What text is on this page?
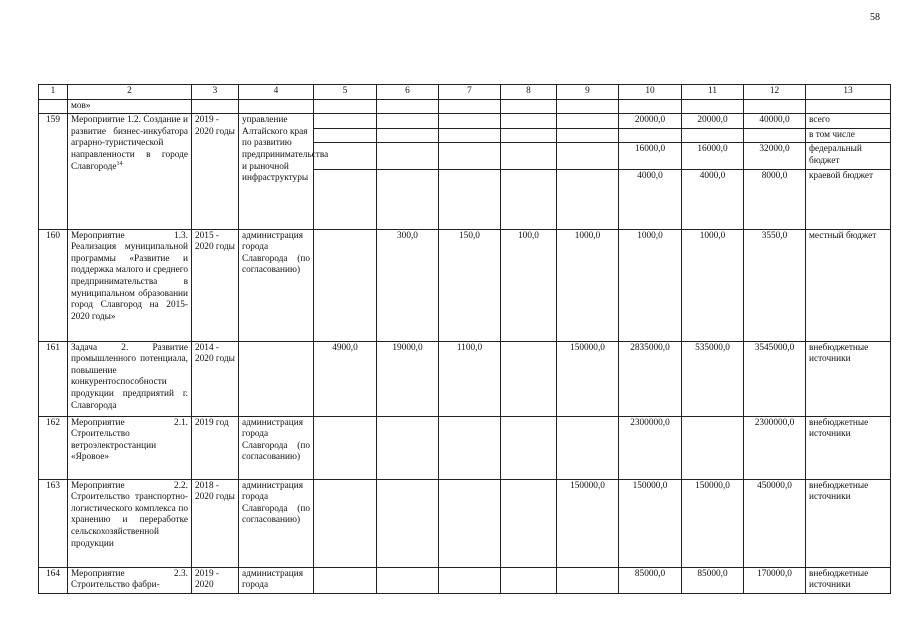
58
1	2	3	4	5	6	7	8	9	10	11	12	13
	мов»											
159	Мероприятие 1.2. Создание и развитие бизнес-инкубатора аграрно-туристической направленности в городе Славгороде$^{14}$	2019 - 2020 годы	управление Алтайского края по развитию предпринимательства и рыночной инфраструктуры						20000,0	20000,0	40000,0	всего
												в том числе
									16000,0	16000,0	32000,0	федеральный бюджет
									4000,0	4000,0	8000,0	краевой бюджет
160	Мероприятие 1.3. Реализация муниципальной программы «Развитие и поддержка малого и среднего предпринимательства в муниципальном образовании город Славгород на 2015-2020 годы»	2015 - 2020 годы	администрация города Славгорода (по согласованию)		300,0	150,0	100,0	1000,0	1000,0	1000,0	3550,0	местный бюджет
161	Задача 2. Развитие промышленного потенциала, повышение конкурентоспособности продукции предприятий г. Славгорода	2014 - 2020 годы		4900,0	19000,0	1100,0		150000,0	2835000,0	535000,0	3545000,0	внебюджетные источники
162	Мероприятие 2.1. Строительство ветроэлектростанции «Яровое»	2019 год	администрация города Славгорода (по согласованию)						2300000,0		2300000,0	внебюджетные источники
163	Мероприятие 2.2. Строительство транспортно-логистического комплекса по хранению и переработке сельскохозяйственной продукции	2018 - 2020 годы	администрация города Славгорода (по согласованию)					150000,0	150000,0	150000,0	450000,0	внебюджетные источники
164	Мероприятие 2.3. Строительство фабри-	2019 - 2020	администрация города						85000,0	85000,0	170000,0	внебюджетные источники
